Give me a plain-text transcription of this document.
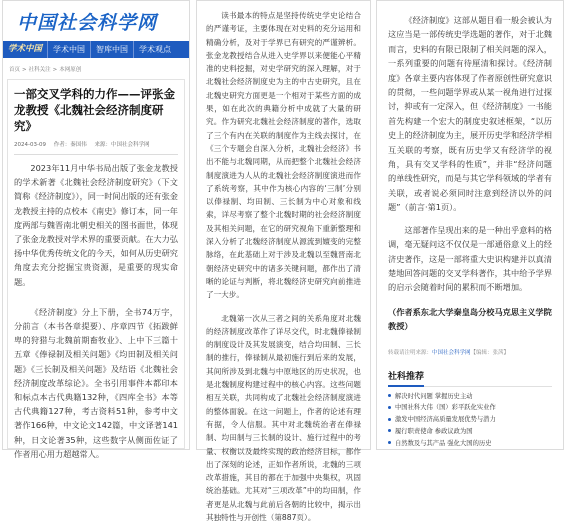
中国社会科学网
学术中国	学术中国	智库中国	学术观点
首页 > 社科关注 > 本网原创
一部交叉学科的力作——评张金龙教授《北魏社会经济制度研究》
2024-03-09 作者：秦国伟 来源：中国社会科学网

2023年11月中华书局出版了张金龙教授的学术新著《北魏社会经济制度研究》（下文简称《经济制度》），同一时间出版的还有张金龙教授主持的点校本《南史》修订本，同一年度两部与魏晋南北朝史相关的图书面世，体现了张金龙教授对学术界的重要贡献。在大力弘扬中华优秀传统文化的今天，如何从历史研究角度去充分挖掘宝贵资源，是重要的现实命题。

《经济制度》分上下册，全书74万字，分前言（本书各章提要）、序章四节《拓跋鲜卑的狩猎与北魏前期畜牧业》、上中下三篇十五章《俸禄制及相关问题》《均田制及相关问题》《三长制及相关问题》及结语《北魏社会经济制度改革综论》。全书引用事件本都印本和标点本古代典籍132种，《四库全书》本等古代典籍127种，考古资料51种，参考中文著作166种，中文论文142篇，中文译著141种，日文论著35种，这些数字从侧面佐证了作者用心用力超越常人。

读书最本的特点是坚持传统史学史论结合的严谨考证，主要体现在对史料的充分运用和精确分析，及对于学界已有研究的严谨辨析。张金龙教授结合从进入史学界以来便能心平精准的史料挖掘，对史学研究的深入理解，对于北魏社会经济制度史为主的中古史研究，且在北魏史研究方面更是一个相对于某些方面的成果，如在此次的典籍分析中成就了大量的研究。作为研究北魏社会经济制度的著作，选取了三个有内在关联的制度作为主线去探讨，在《三个专题会自深入分析，北魏社会经济》书出不能与北魏同期，从而把整个北魏社会经济制度演进为人从的北魏社会经济制度演进而作了系统考察，其中作为核心内容的‘三制’分别以俸禄制、均田制、三长制为中心对象和线索，详尽考察了整个北魏时期的社会经济制度及其相关问题，在它的研究视角下重新整理和深入分析了北魏经济制度从源流到嬗变的完整脉络，在此基础上对于涉及北魏以至魏晋南北朝经济史研究中的诸多关键问题，都作出了清晰的论证与判断，将北魏经济史研究向前推进了一大步。

北魏第一次从三者之间的关系角度对北魏的经济制度改革作了详尽交代，时北魏俸禄制的制度设计及其发展演变，结合均田制、三长制的推行，俸禄制从最初施行到后来的发展，其间所涉及到北魏与中原地区的历史状况，也是北魏制度构建过程中的核心内容。这些问题相互关联，共同构成了北魏社会经济制度演进的整体面貌。在这一问题上，作者的论述有理有据，令人信服。其中对北魏统治者在俸禄制、均田制与三长制的设计、施行过程中的考量、权衡以及最终实现的政治经济目标，都作出了深刻的论述，正如作者所说，北魏的三项改革措施，其目的都在于加强中央集权，巩固统治基础。尤其对“三项改革”中的均田制，作者更是从北魏与此前后各朝的比较中，揭示出其独特性与开创性（第887页）。

《经济制度》这部从题目看一般会被认为这应当是一部传统史学选题的著作，对于北魏而言，史料的有限已限制了相关问题的深入，一系列重要的问题有待厘清和探讨。《经济制度》各章主要内容体现了作者原创性研究意识的贯彻，一些问题学界或从某一视角进行过探讨，抑或有一定深入，但《经济制度》一书能首先构建一个宏大的制度史叙述框架，“以历史上的经济制度为主，展开历史学和经济学相互关联的考察，既有历史学又有经济学的视角，具有交叉学科的性质”，并非“经济问题的单线性研究，而是与其它学科领域的学者有关联，或者说必须同时注意到经济以外的问题”（前言·第1页）。

这部著作呈现出来的是一种出乎意料的格调，毫无疑问这不仅仅是一部通俗意义上的经济史著作，这是一部将重大史识构建并以真清楚地回答问题的交叉学科著作，其中给予学界的启示会随着时间的累积而不断增加。

（作者系东北大学秦皇岛分校马克思主义学院教授）

转载请注明来源：中国社会科学网【编辑：张茜】
社科推荐
解决时代问题 掌握历史主动
中国社科大伟（国）彩平跃化实业作
激发中国经济高质量发展优势与潜力
履行职责使命 参政议政为国
自然数及与其产品 强化大国的历史
